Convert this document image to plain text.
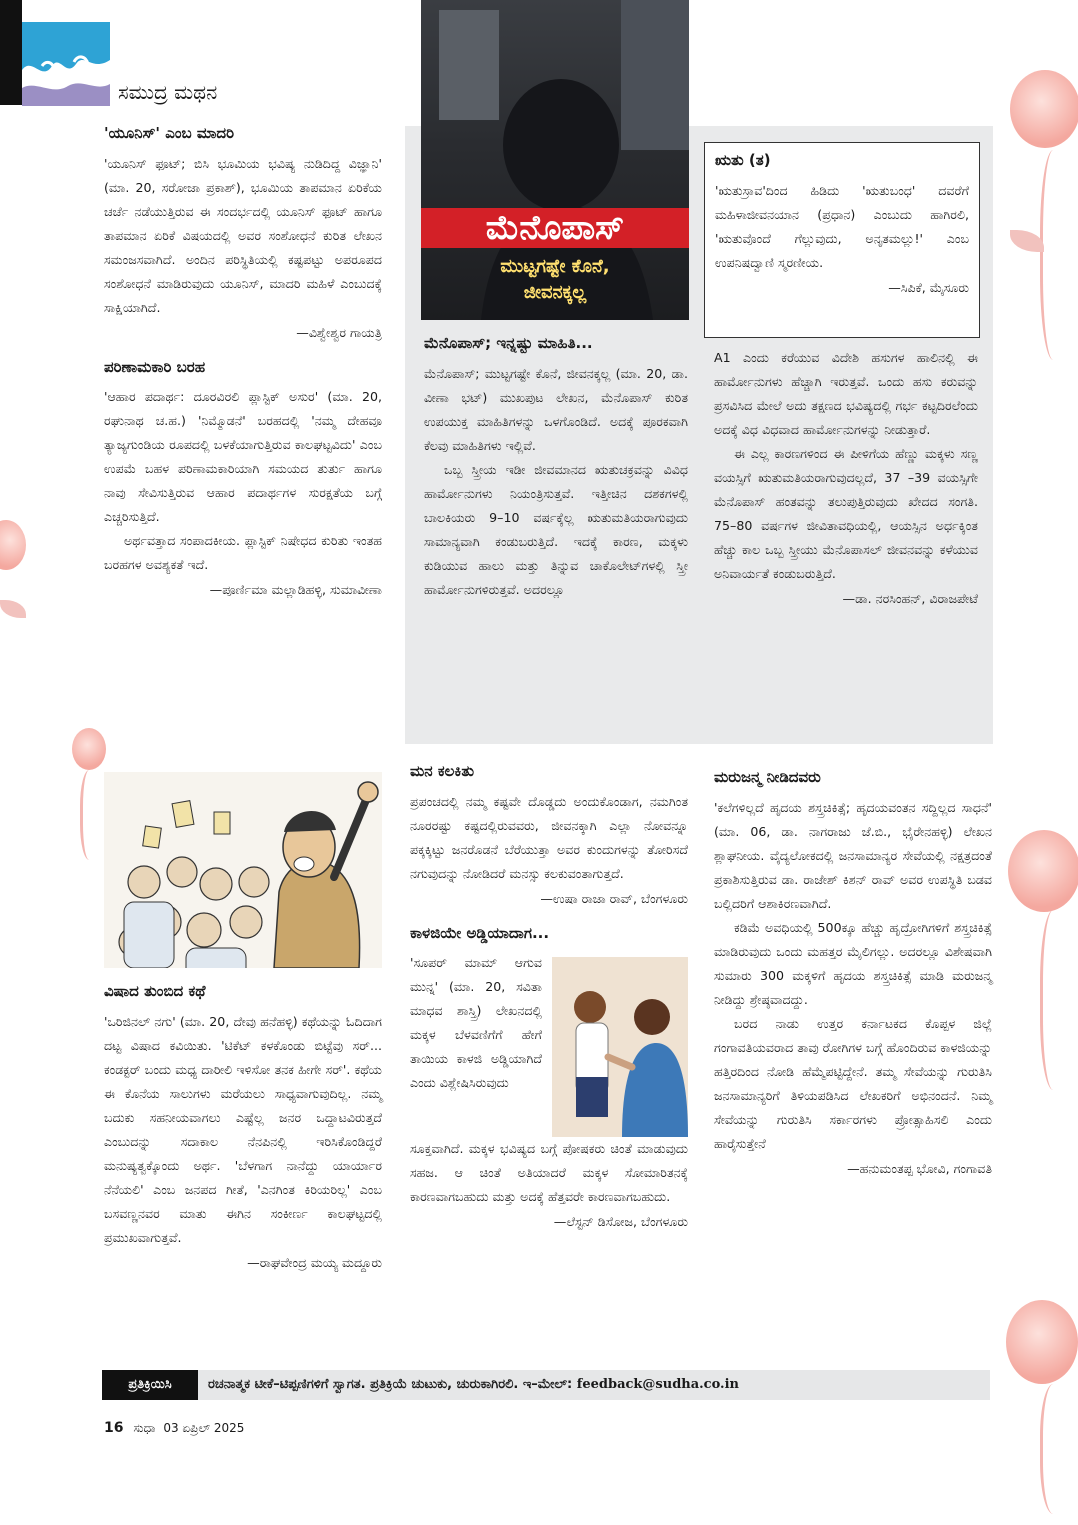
ಸಮುದ್ರ ಮಥನ
'ಯೂನಿಸ್' ಎಂಬ ಮಾದರಿ

'ಯೂನಿಸ್ ಫೂಟ್; ಬಿಸಿ ಭೂಮಿಯ ಭವಿಷ್ಯ ನುಡಿದಿದ್ದ ವಿಜ್ಞಾನಿ' (ಮಾ. 20, ಸರೋಜಾ ಪ್ರಕಾಶ್), ಭೂಮಿಯ ತಾಪಮಾನ ಏರಿಕೆಯ ಚರ್ಚೆ ನಡೆಯುತ್ತಿರುವ ಈ ಸಂದರ್ಭದಲ್ಲಿ ಯೂನಿಸ್ ಫೂಟ್ ಹಾಗೂ ತಾಪಮಾನ ಏರಿಕೆ ವಿಷಯದಲ್ಲಿ ಅವರ ಸಂಶೋಧನೆ ಕುರಿತ ಲೇಖನ ಸಮಂಜಸವಾಗಿದೆ. ಅಂದಿನ ಪರಿಸ್ಥಿತಿಯಲ್ಲಿ ಕಷ್ಟಪಟ್ಟು ಅಪರೂಪದ ಸಂಶೋಧನೆ ಮಾಡಿರುವುದು ಯೂನಿಸ್, ಮಾದರಿ ಮಹಿಳೆ ಎಂಬುದಕ್ಕೆ ಸಾಕ್ಷಿಯಾಗಿದೆ.

—ವಿಶ್ವೇಶ್ವರ ಗಾಯತ್ರಿ

ಪರಿಣಾಮಕಾರಿ ಬರಹ

'ಆಹಾರ ಪದಾರ್ಥ: ದೂರವಿರಲಿ ಪ್ಲಾಸ್ಟಿಕ್ ಅಸುರ' (ಮಾ. 20, ರಘುನಾಥ ಚ.ಹ.) 'ನಿಮ್ಮೊಡನೆ' ಬರಹದಲ್ಲಿ 'ನಮ್ಮ ದೇಹವೂ ತ್ಯಾಜ್ಯಗುಂಡಿಯ ರೂಪದಲ್ಲಿ ಬಳಕೆಯಾಗುತ್ತಿರುವ ಕಾಲಘಟ್ಟವಿದು' ಎಂಬ ಉಪಮೆ ಬಹಳ ಪರಿಣಾಮಕಾರಿಯಾಗಿ ಸಮಯದ ತುರ್ತು ಹಾಗೂ ನಾವು ಸೇವಿಸುತ್ತಿರುವ ಆಹಾರ ಪದಾರ್ಥಗಳ ಸುರಕ್ಷತೆಯ ಬಗ್ಗೆ ಎಚ್ಚರಿಸುತ್ತಿದೆ.

ಅರ್ಥವತ್ತಾದ ಸಂಪಾದಕೀಯ. ಪ್ಲಾಸ್ಟಿಕ್ ನಿಷೇಧದ ಕುರಿತು ಇಂತಹ ಬರಹಗಳ ಅವಶ್ಯಕತೆ ಇದೆ.

—ಪೂರ್ಣಿಮಾ ಮಲ್ಲಾಡಿಹಳ್ಳಿ, ಸುಮಾವೀಣಾ

ವಿಷಾದ ತುಂಬಿದ ಕಥೆ

'ಒರಿಜಿನಲ್ ನಗು' (ಮಾ. 20, ದೇವು ಹನೆಹಳ್ಳಿ) ಕಥೆಯನ್ನು ಓದಿದಾಗ ದಟ್ಟ ವಿಷಾದ ಕವಿಯಿತು. 'ಟಿಕೆಟ್ ಕಳಕೊಂಡು ಬಿಟ್ಟೆವು ಸರ್... ಕಂಡಕ್ಟರ್ ಬಂದು ಮಧ್ಯ ದಾರೀಲಿ ಇಳಿಸೋ ತನಕ ಹೀಗೇ ಸರ್'. ಕಥೆಯ ಈ ಕೊನೆಯ ಸಾಲುಗಳು ಮರೆಯಲು ಸಾಧ್ಯವಾಗುವುದಿಲ್ಲ. ನಮ್ಮ ಬದುಕು ಸಹನೀಯವಾಗಲು ಎಷ್ಟೆಲ್ಲ ಜನರ ಒದ್ದಾಟವಿರುತ್ತದೆ ಎಂಬುದನ್ನು ಸದಾಕಾಲ ನೆನಪಿನಲ್ಲಿ ಇರಿಸಿಕೊಂಡಿದ್ದರೆ ಮನುಷ್ಯತ್ವಕ್ಕೊಂದು ಅರ್ಥ. 'ಬೆಳಗಾಗ ನಾನೆದ್ದು ಯಾರ್ಯಾರ ನೆನೆಯಲಿ' ಎಂಬ ಜನಪದ ಗೀತೆ, 'ಎನಗಿಂತ ಕಿರಿಯರಿಲ್ಲ' ಎಂಬ ಬಸವಣ್ಣನವರ ಮಾತು ಈಗಿನ ಸಂಕೀರ್ಣ ಕಾಲಘಟ್ಟದಲ್ಲಿ ಪ್ರಮುಖವಾಗುತ್ತವೆ.

—ರಾಘವೇಂದ್ರ ಮಯ್ಯ ಮದ್ದೂರು

ಮೆನೊಪಾಸ್
ಮುಟ್ಟಗಷ್ಟೇ ಕೊನೆ,
ಜೀವನಕ್ಕಲ್ಲ
ಮೆನೊಪಾಸ್; ಇನ್ನಷ್ಟು ಮಾಹಿತಿ...

ಮೆನೊಪಾಸ್; ಮುಟ್ಟಗಷ್ಟೇ ಕೊನೆ, ಜೀವನಕ್ಕಲ್ಲ (ಮಾ. 20, ಡಾ. ವೀಣಾ ಭಟ್) ಮುಖಪುಟ ಲೇಖನ, ಮೆನೊಪಾಸ್ ಕುರಿತ ಉಪಯುಕ್ತ ಮಾಹಿತಿಗಳನ್ನು ಒಳಗೊಂಡಿದೆ. ಅದಕ್ಕೆ ಪೂರಕವಾಗಿ ಕೆಲವು ಮಾಹಿತಿಗಳು ಇಲ್ಲಿವೆ.

ಒಬ್ಬ ಸ್ತ್ರೀಯ ಇಡೀ ಜೀವಮಾನದ ಋತುಚಕ್ರವನ್ನು ವಿವಿಧ ಹಾರ್ಮೋನುಗಳು ನಿಯಂತ್ರಿಸುತ್ತವೆ. ಇತ್ತೀಚಿನ ದಶಕಗಳಲ್ಲಿ ಬಾಲಕಿಯರು 9–10 ವರ್ಷಕ್ಕೆಲ್ಲ ಋತುಮತಿಯರಾಗುವುದು ಸಾಮಾನ್ಯವಾಗಿ ಕಂಡುಬರುತ್ತಿದೆ. ಇದಕ್ಕೆ ಕಾರಣ, ಮಕ್ಕಳು ಕುಡಿಯುವ ಹಾಲು ಮತ್ತು ತಿನ್ನುವ ಚಾಕೊಲೇಟ್‌ಗಳಲ್ಲಿ ಸ್ತ್ರೀ ಹಾರ್ಮೋನುಗಳಿರುತ್ತವೆ. ಅದರಲ್ಲೂ

ಋತು (ತ)

'ಋತುಸ್ರಾವ'ದಿಂದ ಹಿಡಿದು 'ಋತುಬಂಧ' ದವರೆಗೆ ಮಹಿಳಾಜೀವನಯಾನ (ಪ್ರಧಾನ) ಎಂಬುದು ಹಾಗಿರಲಿ, 'ಋತುವೊಂದೆ ಗೆಲ್ಲುವುದು, ಅನೃತಮಲ್ಲು!' ಎಂಬ ಉಪನಿಷದ್ವಾಣಿ ಸ್ಮರಣೀಯ.

—ಸಿಪಿಕೆ, ಮೈಸೂರು

A1 ಎಂದು ಕರೆಯುವ ವಿದೇಶಿ ಹಸುಗಳ ಹಾಲಿನಲ್ಲಿ ಈ ಹಾರ್ಮೋನುಗಳು ಹೆಚ್ಚಾಗಿ ಇರುತ್ತವೆ. ಒಂದು ಹಸು ಕರುವನ್ನು ಪ್ರಸವಿಸಿದ ಮೇಲೆ ಅದು ತಕ್ಷಣದ ಭವಿಷ್ಯದಲ್ಲಿ ಗರ್ಭ ಕಟ್ಟದಿರಲೆಂದು ಅದಕ್ಕೆ ವಿಧ ವಿಧವಾದ ಹಾರ್ಮೋನುಗಳನ್ನು ನೀಡುತ್ತಾರೆ.

ಈ ಎಲ್ಲ ಕಾರಣಗಳಿಂದ ಈ ಪೀಳಿಗೆಯ ಹೆಣ್ಣು ಮಕ್ಕಳು ಸಣ್ಣ ವಯಸ್ಸಿಗೆ ಋತುಮತಿಯರಾಗುವುದಲ್ಲದೆ, 37 –39 ವಯಸ್ಸಿಗೇ ಮೆನೊಪಾಸ್ ಹಂತವನ್ನು ತಲುಪುತ್ತಿರುವುದು ಖೇದದ ಸಂಗತಿ. 75–80 ವರ್ಷಗಳ ಜೀವಿತಾವಧಿಯಲ್ಲಿ, ಆಯಸ್ಸಿನ ಅರ್ಧಕ್ಕಿಂತ ಹೆಚ್ಚು ಕಾಲ ಒಬ್ಬ ಸ್ತ್ರೀಯು ಮೆನೊಪಾಸಲ್ ಜೀವನವನ್ನು ಕಳೆಯುವ ಅನಿವಾರ್ಯತೆ ಕಂಡುಬರುತ್ತಿದೆ.

—ಡಾ. ನರಸಿಂಹನ್, ವಿರಾಜಪೇಟೆ

ಮನ ಕಲಕಿತು

ಪ್ರಪಂಚದಲ್ಲಿ ನಮ್ಮ ಕಷ್ಟವೇ ದೊಡ್ಡದು ಅಂದುಕೊಂಡಾಗ, ನಮಗಿಂತ ನೂರರಷ್ಟು ಕಷ್ಟದಲ್ಲಿರುವವರು, ಜೀವನಕ್ಕಾಗಿ ಎಲ್ಲಾ ನೋವನ್ನೂ ಪಕ್ಕಕ್ಕಿಟ್ಟು ಜನರೊಡನೆ ಬೆರೆಯುತ್ತಾ ಅವರ ಕುಂದುಗಳನ್ನು ತೋರಿಸದೆ ನಗುವುದನ್ನು ನೋಡಿದರೆ ಮನಸ್ಸು ಕಲಕುವಂತಾಗುತ್ತದೆ.

—ಉಷಾ ರಾಜಾ ರಾವ್, ಬೆಂಗಳೂರು

ಕಾಳಜಿಯೇ ಅಡ್ಡಿಯಾದಾಗ...

'ಸೂಪರ್ ಮಾಮ್ ಆಗುವ ಮುನ್ನ' (ಮಾ. 20, ಸವಿತಾ ಮಾಧವ ಶಾಸ್ತ್ರಿ) ಲೇಖನದಲ್ಲಿ ಮಕ್ಕಳ ಬೆಳವಣಿಗೆಗೆ ಹೇಗೆ ತಾಯಿಯ ಕಾಳಜಿ ಅಡ್ಡಿಯಾಗಿದೆ ಎಂದು ವಿಶ್ಲೇಷಿಸಿರುವುದು

ಸೂಕ್ತವಾಗಿದೆ. ಮಕ್ಕಳ ಭವಿಷ್ಯದ ಬಗ್ಗೆ ಪೋಷಕರು ಚಿಂತೆ ಮಾಡುವುದು ಸಹಜ. ಆ ಚಿಂತೆ ಅತಿಯಾದರೆ ಮಕ್ಕಳ ಸೋಮಾರಿತನಕ್ಕೆ ಕಾರಣವಾಗಬಹುದು ಮತ್ತು ಅದಕ್ಕೆ ಹೆತ್ತವರೇ ಕಾರಣವಾಗಬಹುದು.

—ಲೆಸ್ಟನ್ ಡಿಸೋಜ, ಬೆಂಗಳೂರು

ಮರುಜನ್ಮ ನೀಡಿದವರು

'ಕಲೆಗಳಿಲ್ಲದೆ ಹೃದಯ ಶಸ್ತ್ರಚಿಕಿತ್ಸೆ; ಹೃದಯವಂತನ ಸದ್ದಿಲ್ಲದ ಸಾಧನೆ' (ಮಾ. 06, ಡಾ. ನಾಗರಾಜು ಜೆ.ಬಿ., ಭೈರೇನಹಳ್ಳಿ) ಲೇಖನ ಶ್ಲಾಘನೀಯ. ವೈದ್ಯಲೋಕದಲ್ಲಿ ಜನಸಾಮಾನ್ಯರ ಸೇವೆಯಲ್ಲಿ ನಕ್ಷತ್ರದಂತೆ ಪ್ರಕಾಶಿಸುತ್ತಿರುವ ಡಾ. ರಾಜೇಶ್ ಕಿಶನ್ ರಾವ್ ಅವರ ಉಪಸ್ಥಿತಿ ಬಡವ ಬಲ್ಲಿದರಿಗೆ ಆಶಾಕಿರಣವಾಗಿದೆ.

ಕಡಿಮೆ ಅವಧಿಯಲ್ಲಿ 500ಕ್ಕೂ ಹೆಚ್ಚು ಹೃದ್ರೋಗಿಗಳಿಗೆ ಶಸ್ತ್ರಚಿಕಿತ್ಸೆ ಮಾಡಿರುವುದು ಒಂದು ಮಹತ್ತರ ಮೈಲಿಗಲ್ಲು. ಅದರಲ್ಲೂ ವಿಶೇಷವಾಗಿ ಸುಮಾರು 300 ಮಕ್ಕಳಿಗೆ ಹೃದಯ ಶಸ್ತ್ರಚಿಕಿತ್ಸೆ ಮಾಡಿ ಮರುಜನ್ಮ ನೀಡಿದ್ದು ಶ್ರೇಷ್ಠವಾದದ್ದು.

ಬರದ ನಾಡು ಉತ್ತರ ಕರ್ನಾಟಕದ ಕೊಪ್ಪಳ ಜಿಲ್ಲೆ ಗಂಗಾವತಿಯವರಾದ ತಾವು ರೋಗಿಗಳ ಬಗ್ಗೆ ಹೊಂದಿರುವ ಕಾಳಜಿಯನ್ನು ಹತ್ತಿರದಿಂದ ನೋಡಿ ಹೆಮ್ಮೆಪಟ್ಟಿದ್ದೇನೆ. ತಮ್ಮ ಸೇವೆಯನ್ನು ಗುರುತಿಸಿ ಜನಸಾಮಾನ್ಯರಿಗೆ ತಿಳಿಯಪಡಿಸಿದ ಲೇಖಕರಿಗೆ ಅಭಿನಂದನೆ. ನಿಮ್ಮ ಸೇವೆಯನ್ನು ಗುರುತಿಸಿ ಸರ್ಕಾರಗಳು ಪ್ರೋತ್ಸಾಹಿಸಲಿ ಎಂದು ಹಾರೈಸುತ್ತೇನೆ

—ಹನುಮಂತಪ್ಪ ಭೋವಿ, ಗಂಗಾವತಿ

ಪ್ರತಿಕ್ರಿಯಿಸಿ	ರಚನಾತ್ಮಕ ಟೀಕೆ–ಟಿಪ್ಪಣಿಗಳಿಗೆ ಸ್ವಾಗತ. ಪ್ರತಿಕ್ರಿಯೆ ಚುಟುಕು, ಚುರುಕಾಗಿರಲಿ. ಇ–ಮೇಲ್: feedback@sudha.co.in
16 ಸುಧಾ 03 ಏಪ್ರಿಲ್ 2025
